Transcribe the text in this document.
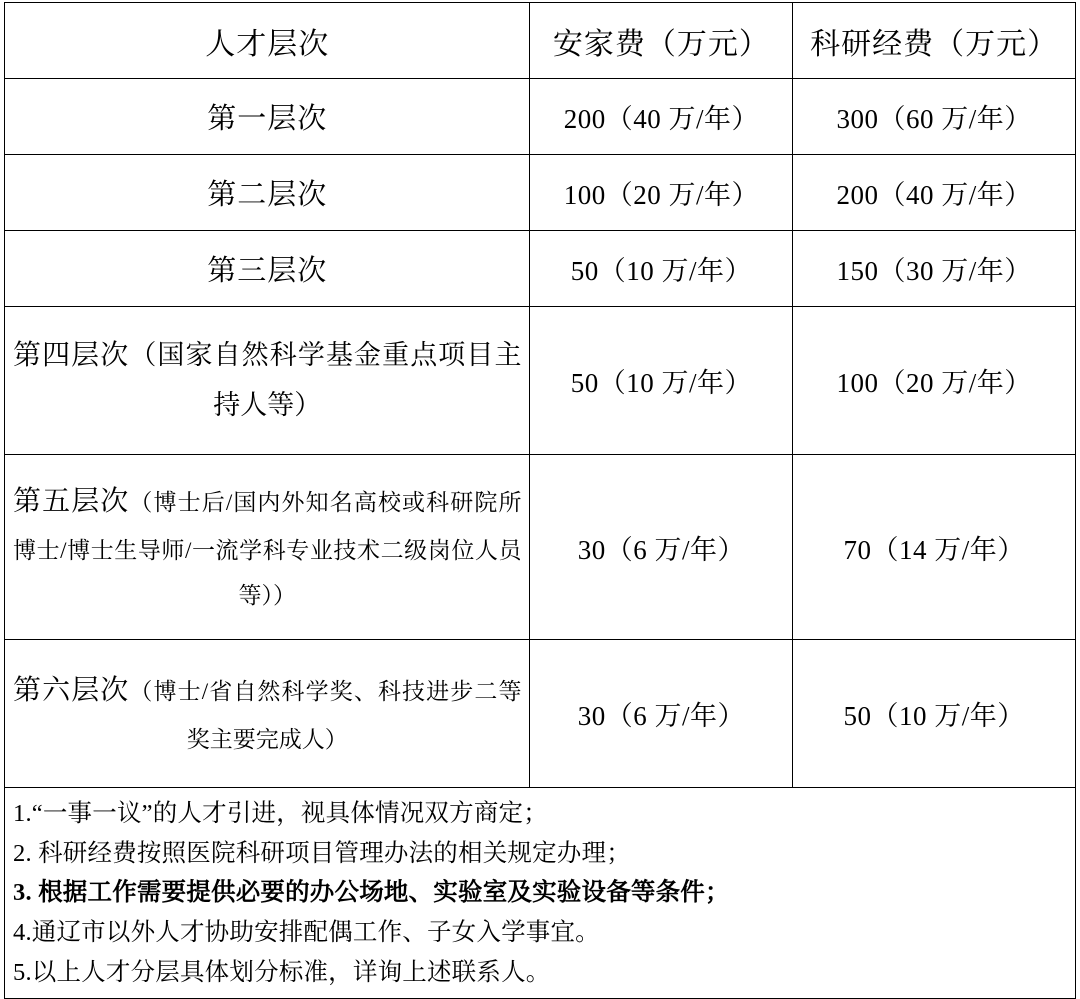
人才层次	安家费（万元）	科研经费（万元）
第一层次	200（40 万/年）	300（60 万/年）
第二层次	100（20 万/年）	200（40 万/年）
第三层次	50（10 万/年）	150（30 万/年）

第四层次（国家自然科学基金重点项目主持人等）	50（10 万/年）	100（20 万/年）

第五层次（博士后/国内外知名高校或科研院所博士/博士生导师/一流学科专业技术二级岗位人员等））	30（6 万/年）	70（14 万/年）

第六层次（博士/省自然科学奖、科技进步二等奖主要完成人）	30（6 万/年）	50（10 万/年）

1.“一事一议”的人才引进，视具体情况双方商定；
2. 科研经费按照医院科研项目管理办法的相关规定办理；
3. 根据工作需要提供必要的办公场地、实验室及实验设备等条件；
4.通辽市以外人才协助安排配偶工作、子女入学事宜。
5.以上人才分层具体划分标准，详询上述联系人。		
